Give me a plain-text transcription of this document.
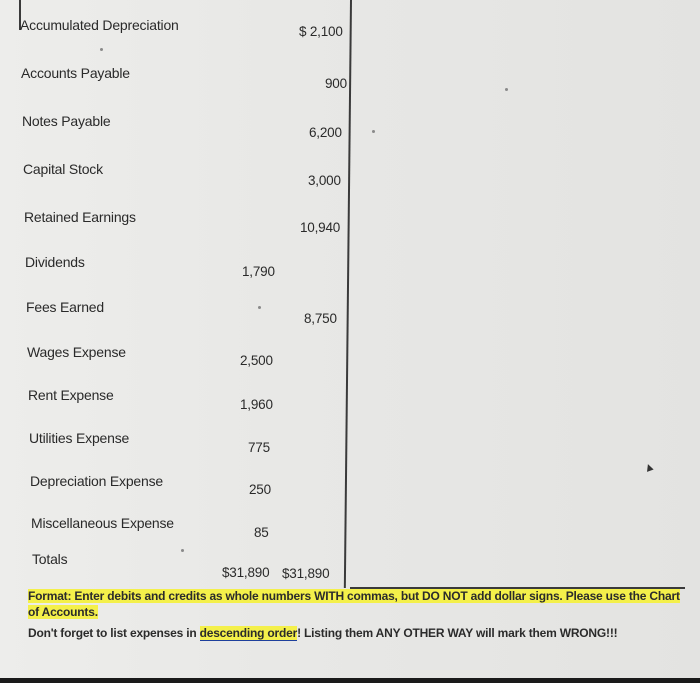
Accumulated Depreciation
Accounts Payable
Notes Payable
Capital Stock
Retained Earnings
Dividends
Fees Earned
Wages Expense
Rent Expense
Utilities Expense
Depreciation Expense
Miscellaneous Expense
Totals
$ 2,100
900
6,200
3,000
10,940
8,750
1,790
2,500
1,960
775
250
85
$31,890 $31,890
▲

Format: Enter debits and credits as whole numbers WITH commas, but DO NOT add dollar signs. Please use the Chart of Accounts.

Don't forget to list expenses in descending order! Listing them ANY OTHER WAY will mark them WRONG!!!
